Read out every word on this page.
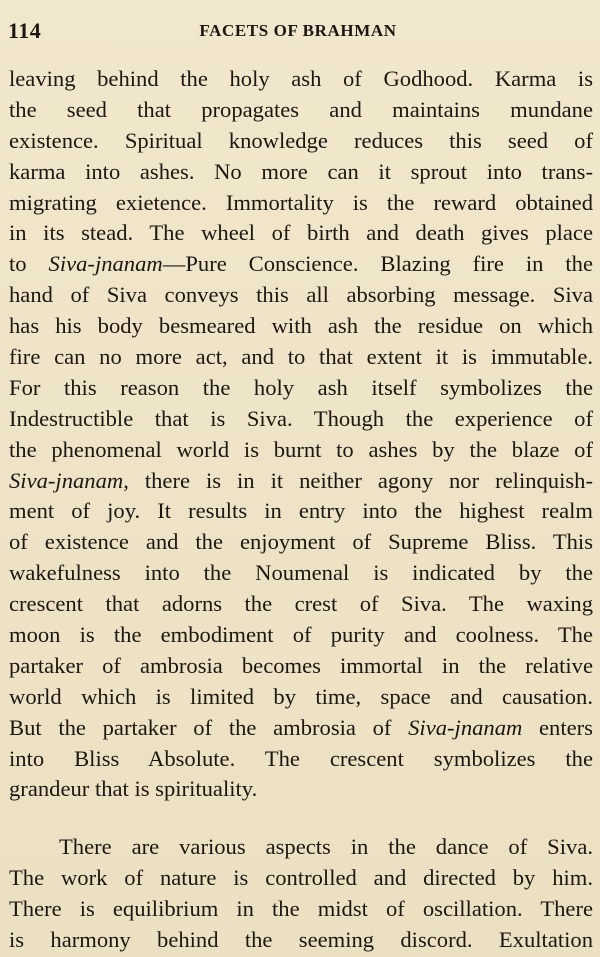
114	FACETS OF BRAHMAN
leaving behind the holy ash of Godhood. Karma is
the seed that propagates and maintains mundane
existence. Spiritual knowledge reduces this seed of
karma into ashes. No more can it sprout into trans-
migrating exietence. Immortality is the reward obtained
in its stead. The wheel of birth and death gives place
to Siva-jnanam—Pure Conscience. Blazing fire in the
hand of Siva conveys this all absorbing message. Siva
has his body besmeared with ash the residue on which
fire can no more act, and to that extent it is immutable.
For this reason the holy ash itself symbolizes the
Indestructible that is Siva. Though the experience of
the phenomenal world is burnt to ashes by the blaze of
Siva-jnanam, there is in it neither agony nor relinquish-
ment of joy. It results in entry into the highest realm
of existence and the enjoyment of Supreme Bliss. This
wakefulness into the Noumenal is indicated by the
crescent that adorns the crest of Siva. The waxing
moon is the embodiment of purity and coolness. The
partaker of ambrosia becomes immortal in the relative
world which is limited by time, space and causation.
But the partaker of the ambrosia of Siva-jnanam enters
into Bliss Absolute. The crescent symbolizes the
grandeur that is spirituality.
There are various aspects in the dance of Siva.
The work of nature is controlled and directed by him.
There is equilibrium in the midst of oscillation. There
is harmony behind the seeming discord. Exultation
